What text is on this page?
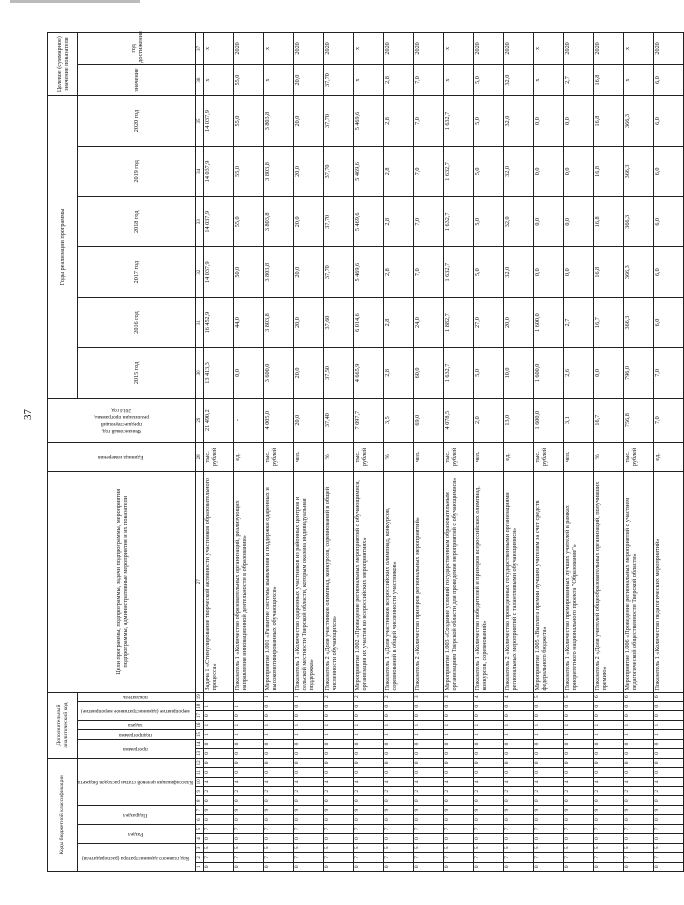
37
Коды бюджетной классификации												Дополнительный аналитический код							Цели программы, подпрограммы, задачи подпрограммы, мероприятия подпрограммы, административные мероприятия и их показатели	Единица измерения	Финансовый год, предшествующий реализации программы, 2014 год	Годы реализации программы						Целевое (суммарное) значение показателя	
Код главного администратора (распорядителя)			Раздел		Подраздел		Классификация целевой статьи расходов бюджета					программа		подпрограмма	задача	мероприятие (административное мероприятие)		показатель				2015 год	2016 год	2017 год	2018 год	2019 год	2020 год	значение	год достижения
1	2	3	4	5	6	7	8	9	10	11	12	13	14	15	16	17	18	19	27	28	29	30	31	32	33	34	35	36	37
0	7	5	0	7	0	9	0	2	4	0	0	0	0	1	1	0	1		Задача 1 «Стимулирование творческой активности участников образовательного процесса»	тыс. рублей	21 490,2	13 413,3	16 452,9	14 037,9	14 037,9	14 037,9	14 037,9	х	х
0	7	5	0	7	0	9	0	2	4	0	0	0	0	1	1	0	1		Показатель 1 «Количество образовательных организаций, реализующих направления инновационной деятельности в образовании»	ед.	-	0,0	44,0	50,0	55,0	55,0	55,0	55,0	2020
0	7	5	0	7	0	9	0	2	4	0	0	0	0	1	1	0	0	1	Мероприятие 1.001 «Развитие системы выявления и поддержки одаренных и высокомотивированных обучающихся»	тыс. рублей	4 005,0	3 600,0	3 803,8	3 803,8	3 803,8	3 803,8	3 803,8	х	х
0	7	5	0	7	0	9	0	2	4	0	0	0	0	1	1	0	0	1	Показатель 1 «Количество одаренных участников из районных центров и сельской местности Тверской области, которым оказана индивидуальная поддержка»	чел.	20,0	20,0	20,0	20,0	20,0	20,0	20,0	20,0	2020
0	7	5	0	7	0	9	0	2	4	0	0	0	0	1	1	0	0	2	Показатель 2 «Доля участников олимпиад, конкурсов, соревнований в общей численности обучающихся»	%	37,40	37,50	37,60	37,70	37,70	37,70	37,70	37,70	2020
0	7	5	0	7	0	9	0	2	4	0	0	0	0	1	1	0	0	2	Мероприятие 1.002 «Проведение региональных мероприятий с обучающимися, организация их участия во всероссийских мероприятиях»	тыс. рублей	7 097,7	4 665,9	6 014,6	5 469,6	5 469,6	5 469,6	5 469,6	х	х
0	7	5	0	7	0	9	0	2	4	0	0	0	0	1	1	0	0	2	Показатель 1 «Доля участников всероссийских олимпиад, конкурсов, соревнований в общей численности участников»	%	3,5	2,8	2,8	2,8	2,8	2,8	2,8	2,8	2020
0	7	5	0	7	0	9	0	2	4	0	0	0	0	1	1	0	0	3	Показатель 2 «Количество призеров региональных мероприятий»	чел.	69,0	60,0	24,0	7,0	7,0	7,0	7,0	7,0	2020
0	7	5	0	7	0	9	0	2	4	0	0	0	0	1	1	0	0	3	Мероприятие 1.003 «Создание условий государственным образовательным организациям Тверской области для проведения мероприятий с обучающимися»	тыс. рублей	4 078,5	1 632,7	1 882,7	1 632,7	1 632,7	1 632,7	1 632,7	х	х
0	7	5	0	7	0	9	0	2	4	0	0	0	0	1	1	0	0	4	Показатель 1 «Количество победителей и призеров всероссийских олимпиад, конкурсов, соревнований»	чел.	2,0	5,0	27,0	5,0	5,0	5,0	5,0	5,0	2020
0	7	5	0	7	0	9	0	2	4	0	0	0	0	1	1	0	0	4	Показатель 2 «Количество проведенных государственными организациями региональных мероприятий с талантливыми обучающимися»	ед.	13,0	10,0	20,0	32,0	32,0	32,0	32,0	32,0	2020
0	7	5	0	7	0	9	0	2	4	0	0	0	0	1	1	0	0	5	Мероприятие 1.005 «Выплата премии лучшим учителям за счет средств федерального бюджета»	тыс. рублей	1 600,0	1 600,0	1 600,0	0,0	0,0	0,0	0,0	х	х
0	7	5	0	7	0	9	0	2	4	0	0	0	0	1	1	0	0	5	Показатель 1 «Количество премированных лучших учителей в рамках приоритетного национального проекта "Образование"»	чел.	3,1	2,6	2,7	0,0	0,0	0,0	0,0	2,7	2020
0	7	5	0	7	0	9	0	2	4	0	0	0	0	1	1	0	0	6	Показатель 2 «Доля учителей общеобразовательных организаций, получивших премию»	%	16,7	0,0	16,7	16,8	16,8	16,8	16,8	16,8	2020
0	7	5	0	7	0	9	0	2	4	0	0	0	0	1	1	0	0	6	Мероприятие 1.006 «Проведение региональных мероприятий с участием педагогической общественности Тверской области»	тыс. рублей	756,8	796,0	366,3	366,3	366,3	366,3	366,3	х	х
0	7	5	0	7	0	9	0	2	4	0	0	0	0	1	1	0	0	6	Показатель 1 «Количество педагогических мероприятий»	ед.	7,0	7,0	6,0	6,0	6,0	6,0	6,0	6,0	2020
